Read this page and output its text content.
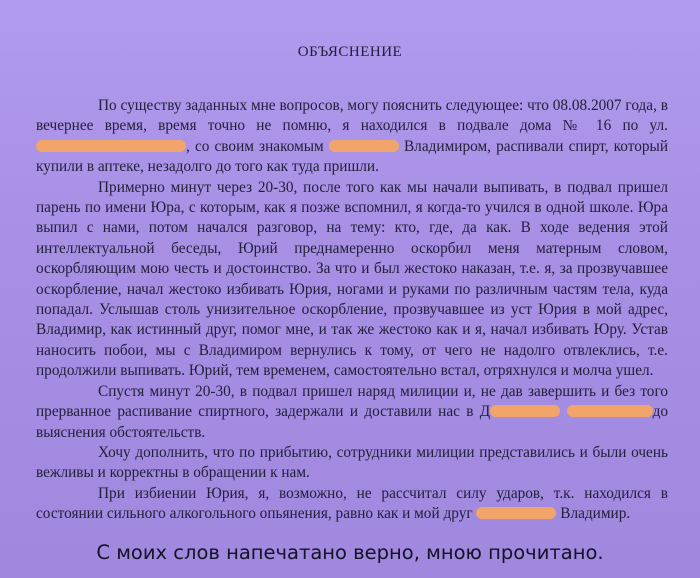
ОБЪЯСНЕНИЕ

По существу заданных мне вопросов, могу пояснить следующее: что 08.08.2007 года, в вечернее время, время точно не помню, я находился в подвале дома № 16 по ул. , со своим знакомым	Владимиром, распивали спирт, который купили в аптеке, незадолго до того как туда пришли.

Примерно минут через 20-30, после того как мы начали выпивать, в подвал пришел парень по имени Юра, с которым, как я позже вспомнил, я когда-то учился в одной школе. Юра выпил с нами, потом начался разговор, на тему: кто, где, да как. В ходе ведения этой интеллектуальной беседы, Юрий преднамеренно оскорбил меня матерным словом, оскорбляющим мою честь и достоинство. За что и был жестоко наказан, т.е. я, за прозвучавшее оскорбление, начал жестоко избивать Юрия, ногами и руками по различным частям тела, куда попадал. Услышав столь унизительное оскорбление, прозвучавшее из уст Юрия в мой адрес, Владимир, как истинный друг, помог мне, и так же жестоко как и я, начал избивать Юру. Устав наносить побои, мы с Владимиром вернулись к тому, от чего не надолго отвлеклись, т.е. продолжили выпивать. Юрий, тем временем, самостоятельно встал, отряхнулся и молча ушел.

Спустя минут 20-30, в подвал пришел наряд милиции и, не дав завершить и без того прерванное распивание спиртного, задержали и доставили нас в Д	до выяснения обстоятельств.

Хочу дополнить, что по прибытию, сотрудники милиции представились и были очень вежливы и корректны в обращении к нам.

При избиении Юрия, я, возможно, не рассчитал силу ударов, т.к. находился в состоянии сильного алкогольного опьянения, равно как и мой друг	Владимир.

С моих слов напечатано верно, мною прочитано.
